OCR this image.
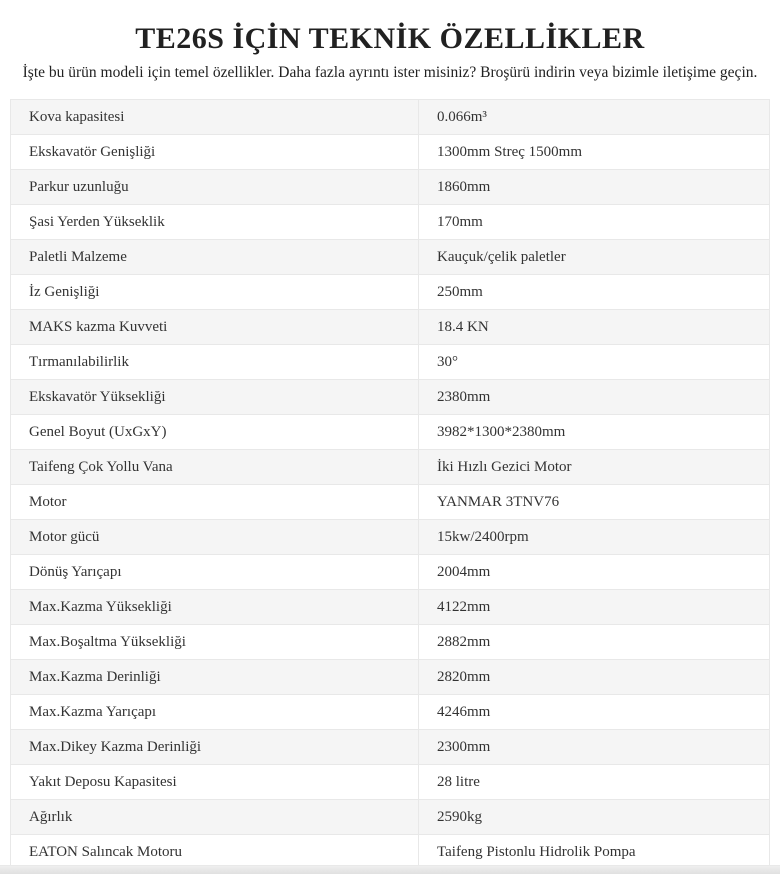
TE26S İÇİN TEKNİK ÖZELLİKLER

İşte bu ürün modeli için temel özellikler. Daha fazla ayrıntı ister misiniz? Broşürü indirin veya bizimle iletişime geçin.

Kova kapasitesi	0.066m³
Ekskavatör Genişliği	1300mm Streç 1500mm
Parkur uzunluğu	1860mm
Şasi Yerden Yükseklik	170mm
Paletli Malzeme	Kauçuk/çelik paletler
İz Genişliği	250mm
MAKS kazma Kuvveti	18.4 KN
Tırmanılabilirlik	30°
Ekskavatör Yüksekliği	2380mm
Genel Boyut (UxGxY)	3982*1300*2380mm
Taifeng Çok Yollu Vana	İki Hızlı Gezici Motor
Motor	YANMAR 3TNV76
Motor gücü	15kw/2400rpm
Dönüş Yarıçapı	2004mm
Max.Kazma Yüksekliği	4122mm
Max.Boşaltma Yüksekliği	2882mm
Max.Kazma Derinliği	2820mm
Max.Kazma Yarıçapı	4246mm
Max.Dikey Kazma Derinliği	2300mm
Yakıt Deposu Kapasitesi	28 litre
Ağırlık	2590kg
EATON Salıncak Motoru	Taifeng Pistonlu Hidrolik Pompa
